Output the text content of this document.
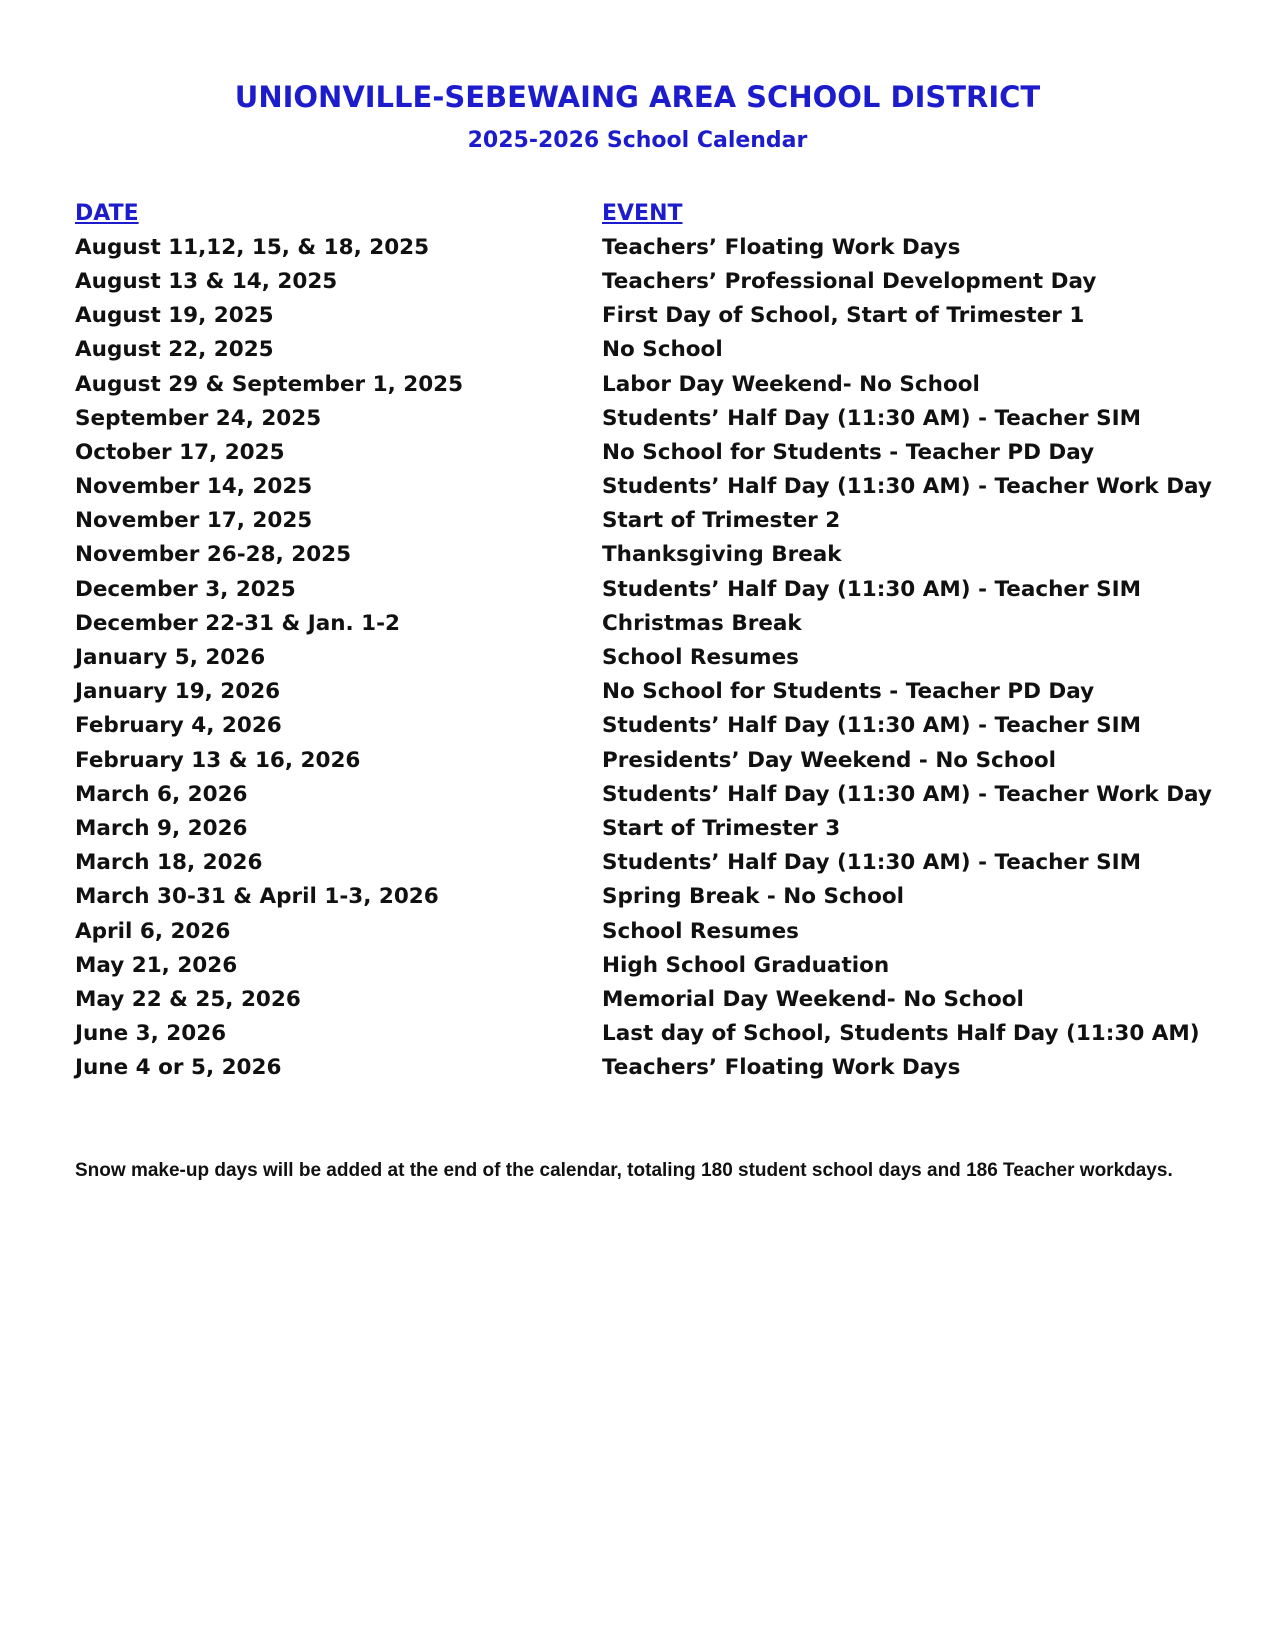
UNIONVILLE-SEBEWAING AREA SCHOOL DISTRICT
2025-2026 School Calendar
DATE	EVENT
August 11,12, 15, & 18, 2025	Teachers’ Floating Work Days
August 13 & 14, 2025	Teachers’ Professional Development Day
August 19, 2025	First Day of School, Start of Trimester 1
August 22, 2025	No School
August 29 & September 1, 2025	Labor Day Weekend- No School
September 24, 2025	Students’ Half Day (11:30 AM) - Teacher SIM
October 17, 2025	No School for Students - Teacher PD Day
November 14, 2025	Students’ Half Day (11:30 AM) - Teacher Work Day
November 17, 2025	Start of Trimester 2
November 26-28, 2025	Thanksgiving Break
December 3, 2025	Students’ Half Day (11:30 AM) - Teacher SIM
December 22-31 & Jan. 1-2	Christmas Break
January 5, 2026	School Resumes
January 19, 2026	No School for Students - Teacher PD Day
February 4, 2026	Students’ Half Day (11:30 AM) - Teacher SIM
February 13 & 16, 2026	Presidents’ Day Weekend - No School
March 6, 2026	Students’ Half Day (11:30 AM) - Teacher Work Day
March 9, 2026	Start of Trimester 3
March 18, 2026	Students’ Half Day (11:30 AM) - Teacher SIM
March 30-31 & April 1-3, 2026	Spring Break - No School
April 6, 2026	School Resumes
May 21, 2026	High School Graduation
May 22 & 25, 2026	Memorial Day Weekend- No School
June 3, 2026	Last day of School, Students Half Day (11:30 AM)
June 4 or 5, 2026	Teachers’ Floating Work Days

Snow make-up days will be added at the end of the calendar, totaling 180 student school days and 186 Teacher workdays.
